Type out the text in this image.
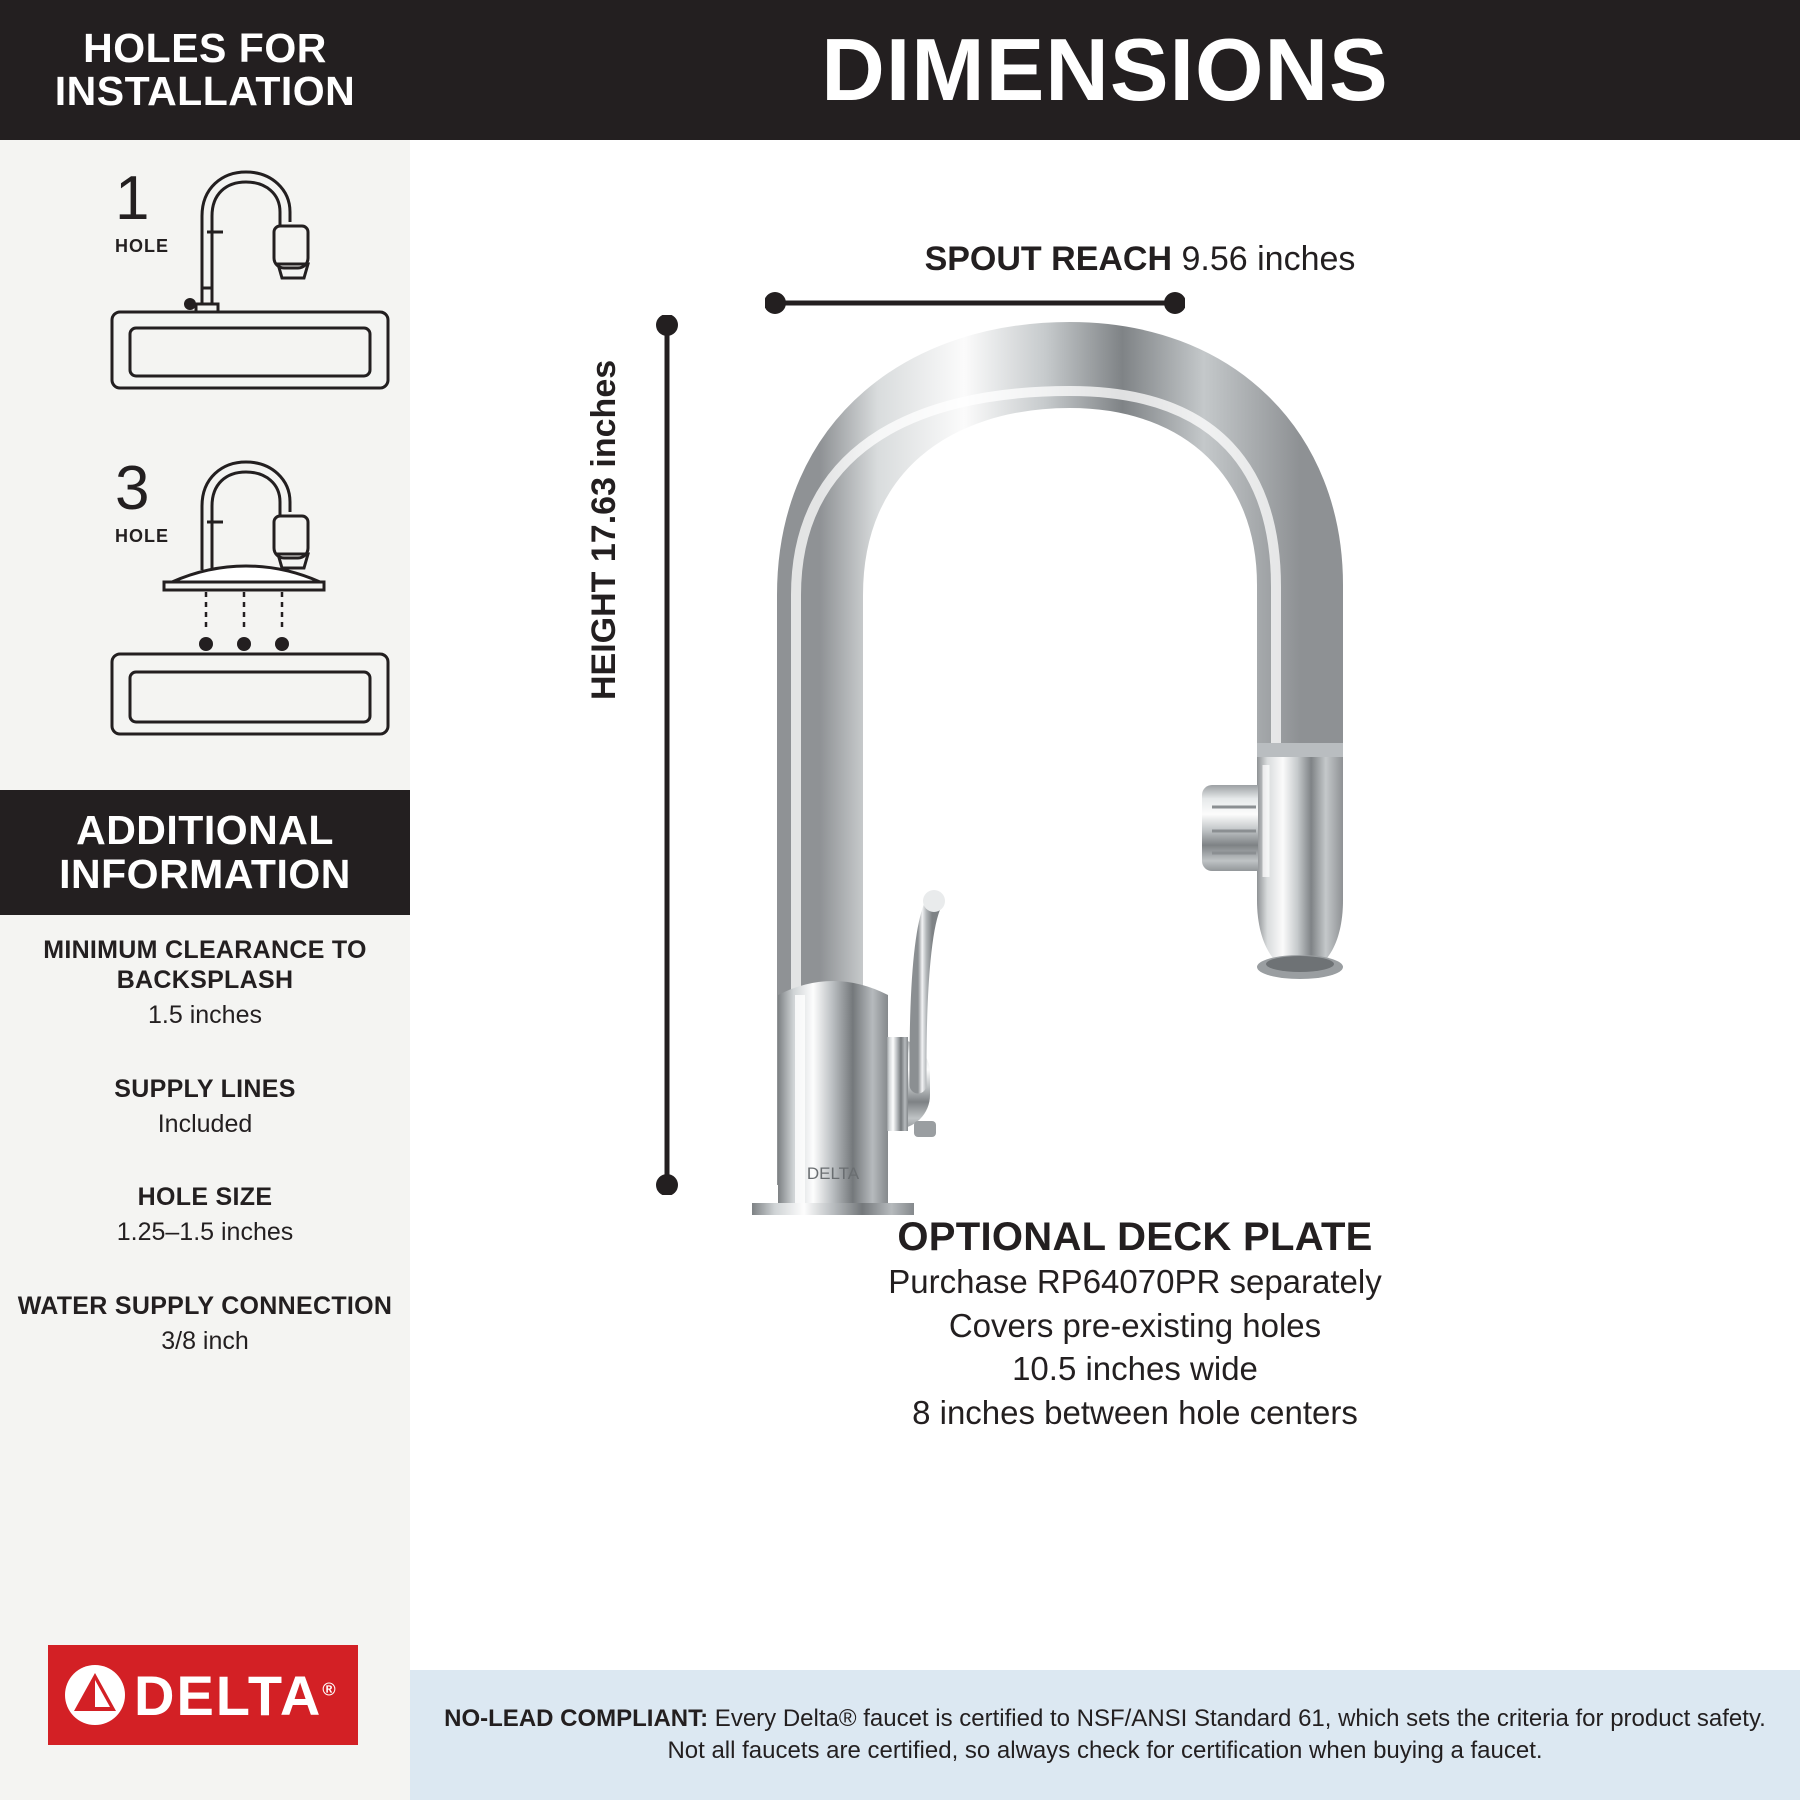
HOLES FOR INSTALLATION
1
HOLE
3
HOLE
ADDITIONAL INFORMATION
MINIMUM CLEARANCE TO BACKSPLASH
1.5 inches
SUPPLY LINES
Included
HOLE SIZE
1.25–1.5 inches
WATER SUPPLY CONNECTION
3/8 inch
DELTA®
DIMENSIONS
SPOUT REACH 9.56 inches
HEIGHT 17.63 inches
DELTA
OPTIONAL DECK PLATE
Purchase RP64070PR separately
Covers pre-existing holes
10.5 inches wide
8 inches between hole centers

NO-LEAD COMPLIANT: Every Delta® faucet is certified to NSF/ANSI Standard 61, which sets the criteria for product safety. Not all faucets are certified, so always check for certification when buying a faucet.
